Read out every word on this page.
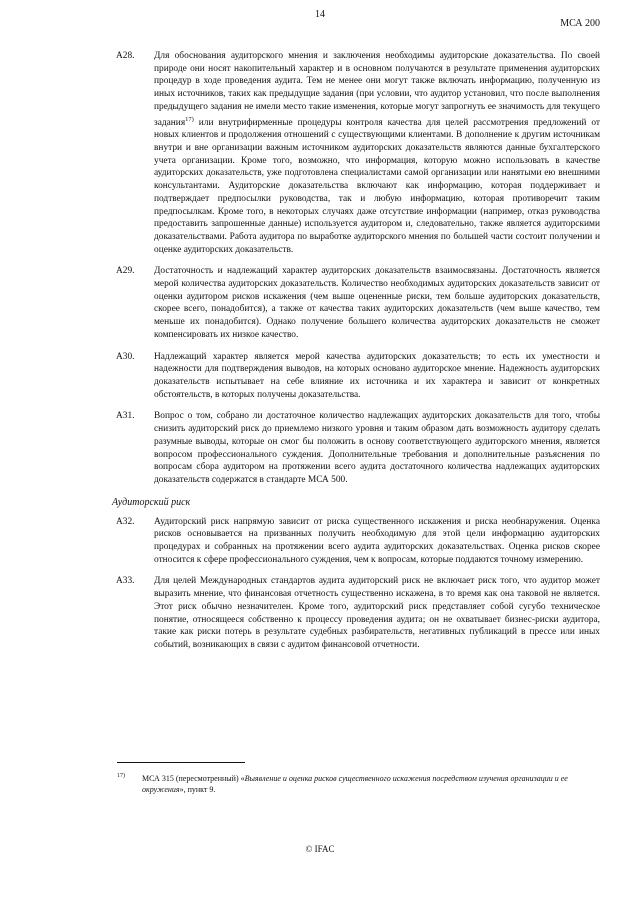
14
МСА 200
A28. Для обоснования аудиторского мнения и заключения необходимы аудиторские доказательства. По своей природе они носят накопительный характер и в основном получаются в результате применения аудиторских процедур в ходе проведения аудита. Тем не менее они могут также включать информацию, полученную из иных источников, таких как предыдущие задания (при условии, что аудитор установил, что после выполнения предыдущего задания не имели место такие изменения, которые могут запрогнуть ее значимость для текущего задания$^{17)}$ или внутрифирменные процедуры контроля качества для целей рассмотрения предложений от новых клиентов и продолжения отношений с существующими клиентами. В дополнение к другим источникам внутри и вне организации важным источником аудиторских доказательств являются данные бухгалтерского учета организации. Кроме того, возможно, что информация, которую можно использовать в качестве аудиторских доказательств, уже подготовлена специалистами самой организации или нанятыми ею внешними консультантами. Аудиторские доказательства включают как информацию, которая поддерживает и подтверждает предпосылки руководства, так и любую информацию, которая противоречит таким предпосылкам. Кроме того, в некоторых случаях даже отсутствие информации (например, отказ руководства предоставить запрошенные данные) используется аудитором и, следовательно, также является аудиторскими доказательствами. Работа аудитора по выработке аудиторского мнения по большей части состоит получении и оценке аудиторских доказательств.
A29. Достаточность и надлежащий характер аудиторских доказательств взаимосвязаны. Достаточность является мерой количества аудиторских доказательств. Количество необходимых аудиторских доказательств зависит от оценки аудитором рисков искажения (чем выше оцененные риски, тем больше аудиторских доказательств, скорее всего, понадобится), а также от качества таких аудиторских доказательств (чем выше качество, тем меньше их понадобится). Однако получение большего количества аудиторских доказательств не сможет компенсировать их низкое качество.
A30. Надлежащий характер является мерой качества аудиторских доказательств; то есть их уместности и надежности для подтверждения выводов, на которых основано аудиторское мнение. Надежность аудиторских доказательств испытывает на себе влияние их источника и их характера и зависит от конкретных обстоятельств, в которых получены доказательства.
A31. Вопрос о том, собрано ли достаточное количество надлежащих аудиторских доказательств для того, чтобы снизить аудиторский риск до приемлемо низкого уровня и таким образом дать возможность аудитору сделать разумные выводы, которые он смог бы положить в основу соответствующего аудиторского мнения, является вопросом профессионального суждения. Дополнительные требования и дополнительные разъяснения по вопросам сбора аудитором на протяжении всего аудита достаточного количества надлежащих аудиторских доказательств содержатся в стандарте МСА 500.
Аудиторский риск
A32. Аудиторский риск напрямую зависит от риска существенного искажения и риска необнаружения. Оценка рисков основывается на призванных получить необходимую для этой цели информацию аудиторских процедурах и собранных на протяжении всего аудита аудиторских доказательствах. Оценка рисков скорее относится к сфере профессионального суждения, чем к вопросам, которые поддаются точному измерению.
A33. Для целей Международных стандартов аудита аудиторский риск не включает риск того, что аудитор может выразить мнение, что финансовая отчетность существенно искажена, в то время как она таковой не является. Этот риск обычно незначителен. Кроме того, аудиторский риск представляет собой сугубо техническое понятие, относящееся собственно к процессу проведения аудита; он не охватывает бизнес-риски аудитора, такие как риски потерь в результате судебных разбирательств, негативных публикаций в прессе или иных событий, возникающих в связи с аудитом финансовой отчетности.
17)	МСА 315 (пересмотренный) «Выявление и оценка рисков существенного искажения посредством изучения организации и ее окружения», пункт 9.
© IFAC
